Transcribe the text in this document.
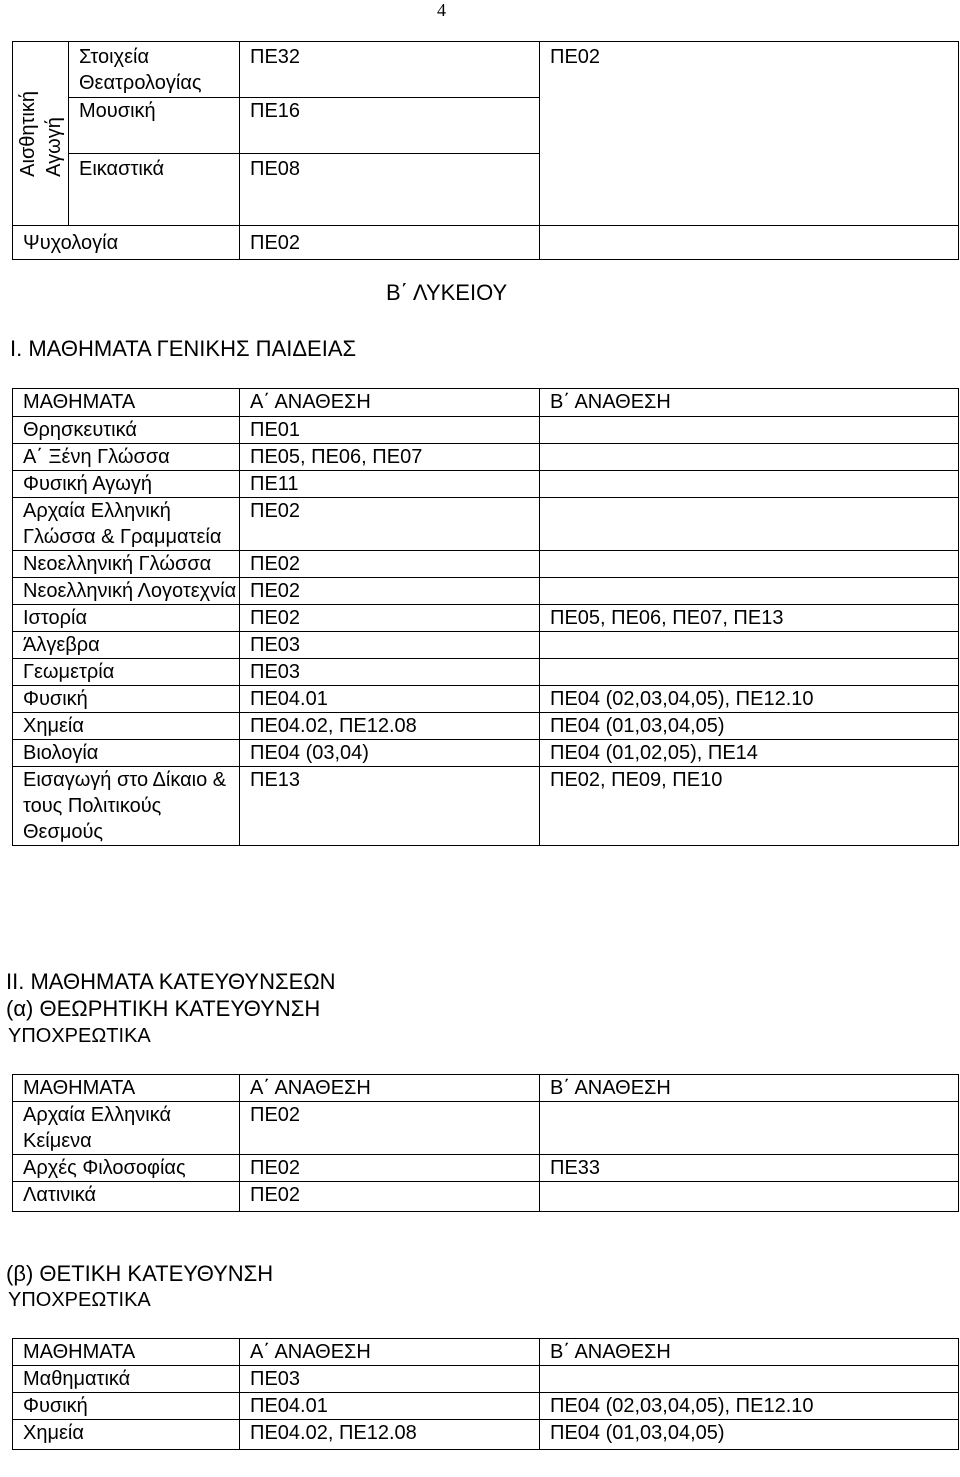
4
Αισθητική Αγωγή	Στοιχεία Θεατρολογίας	ΠΕ32	ΠΕ02
	Μουσική	ΠΕ16	
	Εικαστικά	ΠΕ08	
Ψυχολογία		ΠΕ02	
Β΄ ΛΥΚΕΙΟΥ
Ι. ΜΑΘΗΜΑΤΑ ΓΕΝΙΚΗΣ ΠΑΙΔΕΙΑΣ
ΜΑΘΗΜΑΤΑ	Α΄ ΑΝΑΘΕΣΗ	Β΄ ΑΝΑΘΕΣΗ
Θρησκευτικά	ΠΕ01	
Α΄ Ξένη Γλώσσα	ΠΕ05, ΠΕ06, ΠΕ07	
Φυσική Αγωγή	ΠΕ11	
Αρχαία Ελληνική Γλώσσα & Γραμματεία	ΠΕ02	
Νεοελληνική Γλώσσα	ΠΕ02	
Νεοελληνική Λογοτεχνία	ΠΕ02	
Ιστορία	ΠΕ02	ΠΕ05, ΠΕ06, ΠΕ07, ΠΕ13
Άλγεβρα	ΠΕ03	
Γεωμετρία	ΠΕ03	
Φυσική	ΠΕ04.01	ΠΕ04 (02,03,04,05), ΠΕ12.10
Χημεία	ΠΕ04.02, ΠΕ12.08	ΠΕ04 (01,03,04,05)
Βιολογία	ΠΕ04 (03,04)	ΠΕ04 (01,02,05), ΠΕ14
Εισαγωγή στο Δίκαιο & τους Πολιτικούς Θεσμούς	ΠΕ13	ΠΕ02, ΠΕ09, ΠΕ10
ΙΙ. ΜΑΘΗΜΑΤΑ ΚΑΤΕΥΘΥΝΣΕΩΝ
(α) ΘΕΩΡΗΤΙΚΗ ΚΑΤΕΥΘΥΝΣΗ
ΥΠΟΧΡΕΩΤΙΚΑ
ΜΑΘΗΜΑΤΑ	Α΄ ΑΝΑΘΕΣΗ	Β΄ ΑΝΑΘΕΣΗ
Αρχαία Ελληνικά Κείμενα	ΠΕ02	
Αρχές Φιλοσοφίας	ΠΕ02	ΠΕ33
Λατινικά	ΠΕ02	
(β) ΘΕΤΙΚΗ ΚΑΤΕΥΘΥΝΣΗ
ΥΠΟΧΡΕΩΤΙΚΑ
ΜΑΘΗΜΑΤΑ	Α΄ ΑΝΑΘΕΣΗ	Β΄ ΑΝΑΘΕΣΗ
Μαθηματικά	ΠΕ03	
Φυσική	ΠΕ04.01	ΠΕ04 (02,03,04,05), ΠΕ12.10
Χημεία	ΠΕ04.02, ΠΕ12.08	ΠΕ04 (01,03,04,05)
